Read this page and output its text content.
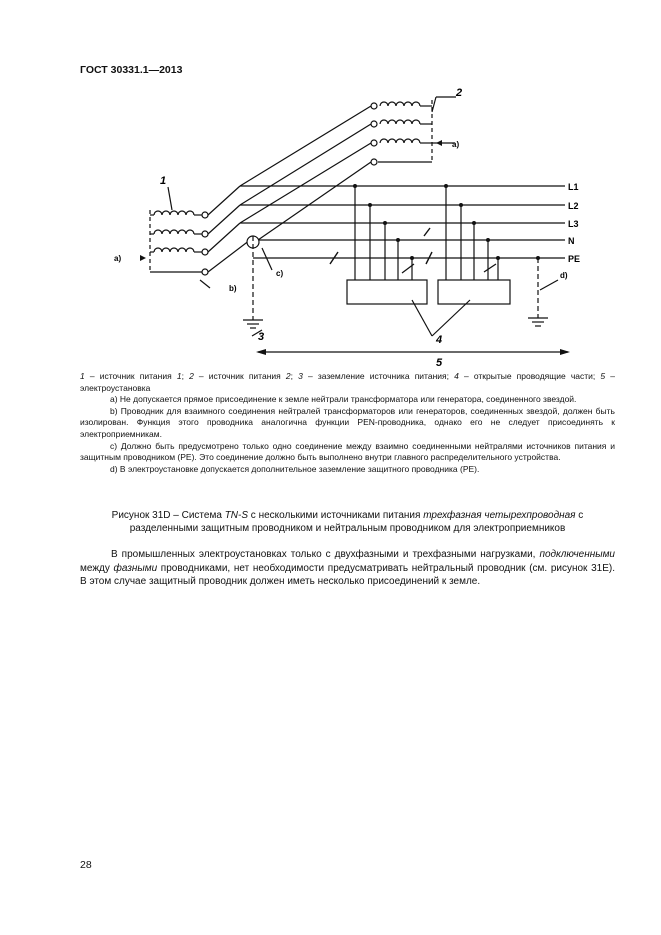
ГОСТ 30331.1—2013
L1
L2
L3
N
PE
1
2
3	4
5
a)
a)
b)
c)	d)

1 – источник питания 1; 2 – источник питания 2; 3 – заземление источника питания; 4 – открытые проводящие части; 5 – электроустановка

a) Не допускается прямое присоединение к земле нейтрали трансформатора или генератора, соединенного звездой.

b) Проводник для взаимного соединения нейтралей трансформаторов или генераторов, соединенных звездой, должен быть изолирован. Функция этого проводника аналогична функции PEN-проводника, однако его не следует присоединять к электроприемникам.

c) Должно быть предусмотрено только одно соединение между взаимно соединенными нейтралями источников питания и защитным проводником (PE). Это соединение должно быть выполнено внутри главного распределительного устройства.

d) В электроустановке допускается дополнительное заземление защитного проводника (PE).

Рисунок 31D – Система TN-S с несколькими источниками питания трехфазная четырехпроводная с разделенными защитным проводником и нейтральным проводником для электроприемников

В промышленных электроустановках только с двухфазными и трехфазными нагрузками, подключенными между фазными проводниками, нет необходимости предусматривать нейтральный проводник (см. рисунок 31E). В этом случае защитный проводник должен иметь несколько присоединений к земле.

28
